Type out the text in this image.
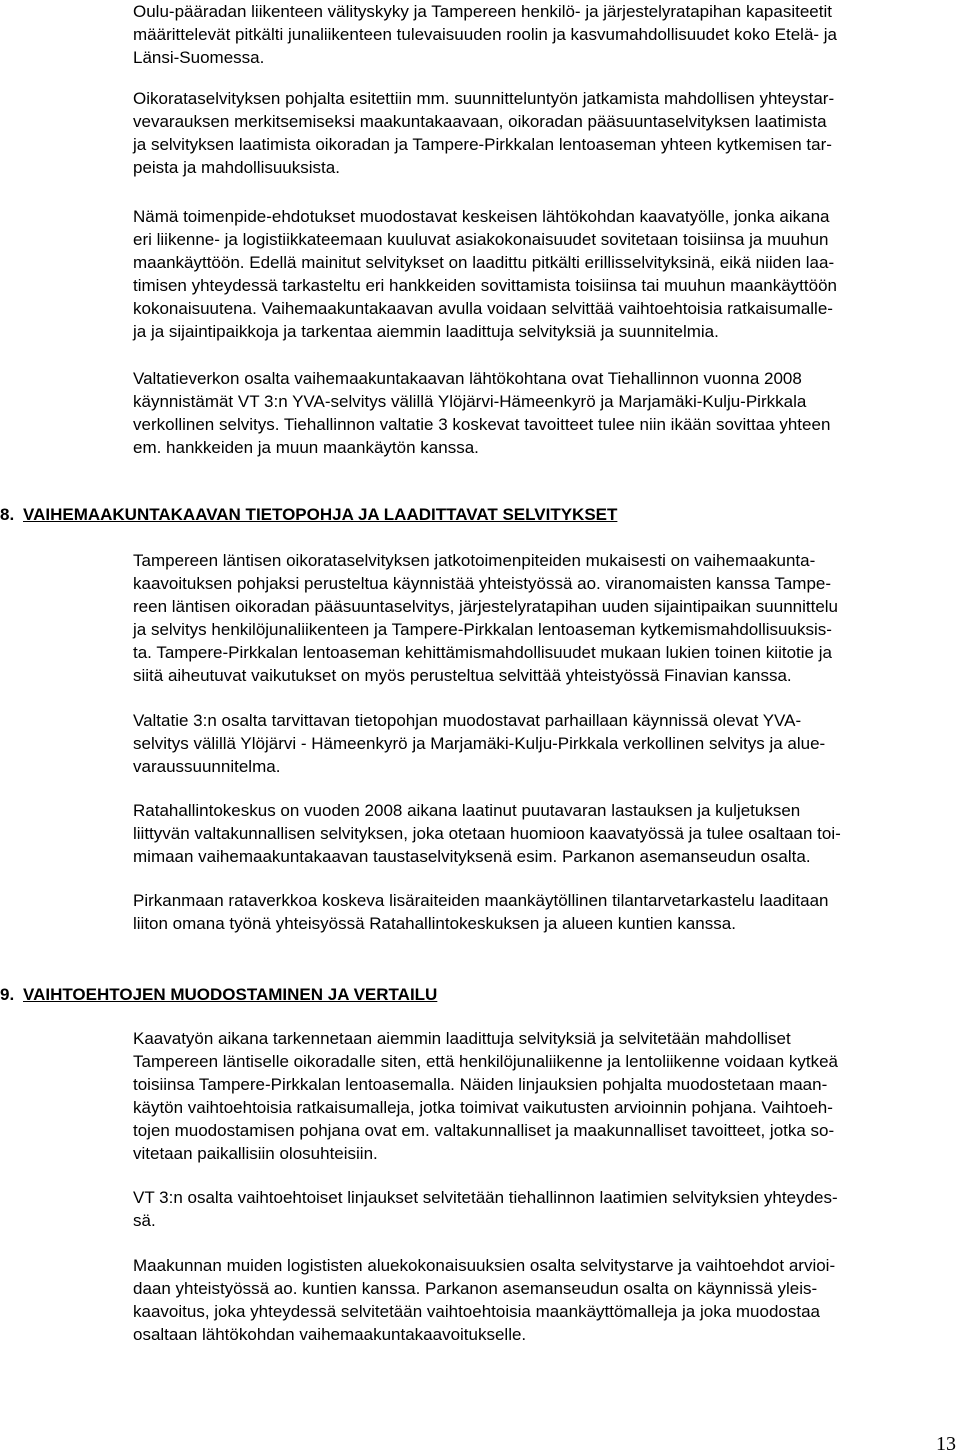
Oulu-pääradan liikenteen välityskyky ja Tampereen henkilö- ja järjestelyratapihan kapasiteetit
määrittelevät pitkälti junaliikenteen tulevaisuuden roolin ja kasvumahdollisuudet koko Etelä- ja
Länsi-Suomessa.
Oikorataselvityksen pohjalta esitettiin mm. suunnitteluntyön jatkamista mahdollisen yhteystar-
vevarauksen merkitsemiseksi maakuntakaavaan, oikoradan pääsuuntaselvityksen laatimista
ja selvityksen laatimista oikoradan ja Tampere-Pirkkalan lentoaseman yhteen kytkemisen tar-
peista ja mahdollisuuksista.
Nämä toimenpide-ehdotukset muodostavat keskeisen lähtökohdan kaavatyölle, jonka aikana
eri liikenne- ja logistiikkateemaan kuuluvat asiakokonaisuudet sovitetaan toisiinsa ja muuhun
maankäyttöön. Edellä mainitut selvitykset on laadittu pitkälti erillisselvityksinä, eikä niiden laa-
timisen yhteydessä tarkasteltu eri hankkeiden sovittamista toisiinsa tai muuhun maankäyttöön
kokonaisuutena. Vaihemaakuntakaavan avulla voidaan selvittää vaihtoehtoisia ratkaisumalle-
ja ja sijaintipaikkoja ja tarkentaa aiemmin laadittuja selvityksiä ja suunnitelmia.
Valtatieverkon osalta vaihemaakuntakaavan lähtökohtana ovat Tiehallinnon vuonna 2008
käynnistämät VT 3:n YVA-selvitys välillä Ylöjärvi-Hämeenkyrö ja Marjamäki-Kulju-Pirkkala
verkollinen selvitys. Tiehallinnon valtatie 3 koskevat tavoitteet tulee niin ikään sovittaa yhteen
em. hankkeiden ja muun maankäytön kanssa.
8. VAIHEMAAKUNTAKAAVAN TIETOPOHJA JA LAADITTAVAT SELVITYKSET
Tampereen läntisen oikorataselvityksen jatkotoimenpiteiden mukaisesti on vaihemaakunta-
kaavoituksen pohjaksi perusteltua käynnistää yhteistyössä ao. viranomaisten kanssa Tampe-
reen läntisen oikoradan pääsuuntaselvitys, järjestelyratapihan uuden sijaintipaikan suunnittelu
ja selvitys henkilöjunaliikenteen ja Tampere-Pirkkalan lentoaseman kytkemismahdollisuuksis-
ta. Tampere-Pirkkalan lentoaseman kehittämismahdollisuudet mukaan lukien toinen kiitotie ja
siitä aiheutuvat vaikutukset on myös perusteltua selvittää yhteistyössä Finavian kanssa.
Valtatie 3:n osalta tarvittavan tietopohjan muodostavat parhaillaan käynnissä olevat YVA-
selvitys välillä Ylöjärvi - Hämeenkyrö ja Marjamäki-Kulju-Pirkkala verkollinen selvitys ja alue-
varaussuunnitelma.
Ratahallintokeskus on vuoden 2008 aikana laatinut puutavaran lastauksen ja kuljetuksen
liittyvän valtakunnallisen selvityksen, joka otetaan huomioon kaavatyössä ja tulee osaltaan toi-
mimaan vaihemaakuntakaavan taustaselvityksenä esim. Parkanon asemanseudun osalta.
Pirkanmaan rataverkkoa koskeva lisäraiteiden maankäytöllinen tilantarvetarkastelu laaditaan
liiton omana työnä yhteisyössä Ratahallintokeskuksen ja alueen kuntien kanssa.
9. VAIHTOEHTOJEN MUODOSTAMINEN JA VERTAILU
Kaavatyön aikana tarkennetaan aiemmin laadittuja selvityksiä ja selvitetään mahdolliset
Tampereen läntiselle oikoradalle siten, että henkilöjunaliikenne ja lentoliikenne voidaan kytkeä
toisiinsa Tampere-Pirkkalan lentoasemalla. Näiden linjauksien pohjalta muodostetaan maan-
käytön vaihtoehtoisia ratkaisumalleja, jotka toimivat vaikutusten arvioinnin pohjana. Vaihtoeh-
tojen muodostamisen pohjana ovat em. valtakunnalliset ja maakunnalliset tavoitteet, jotka so-
vitetaan paikallisiin olosuhteisiin.
VT 3:n osalta vaihtoehtoiset linjaukset selvitetään tiehallinnon laatimien selvityksien yhteydes-
sä.
Maakunnan muiden logististen aluekokonaisuuksien osalta selvitystarve ja vaihtoehdot arvioi-
daan yhteistyössä ao. kuntien kanssa. Parkanon asemanseudun osalta on käynnissä yleis-
kaavoitus, joka yhteydessä selvitetään vaihtoehtoisia maankäyttömalleja ja joka muodostaa
osaltaan lähtökohdan vaihemaakuntakaavoitukselle.
13
